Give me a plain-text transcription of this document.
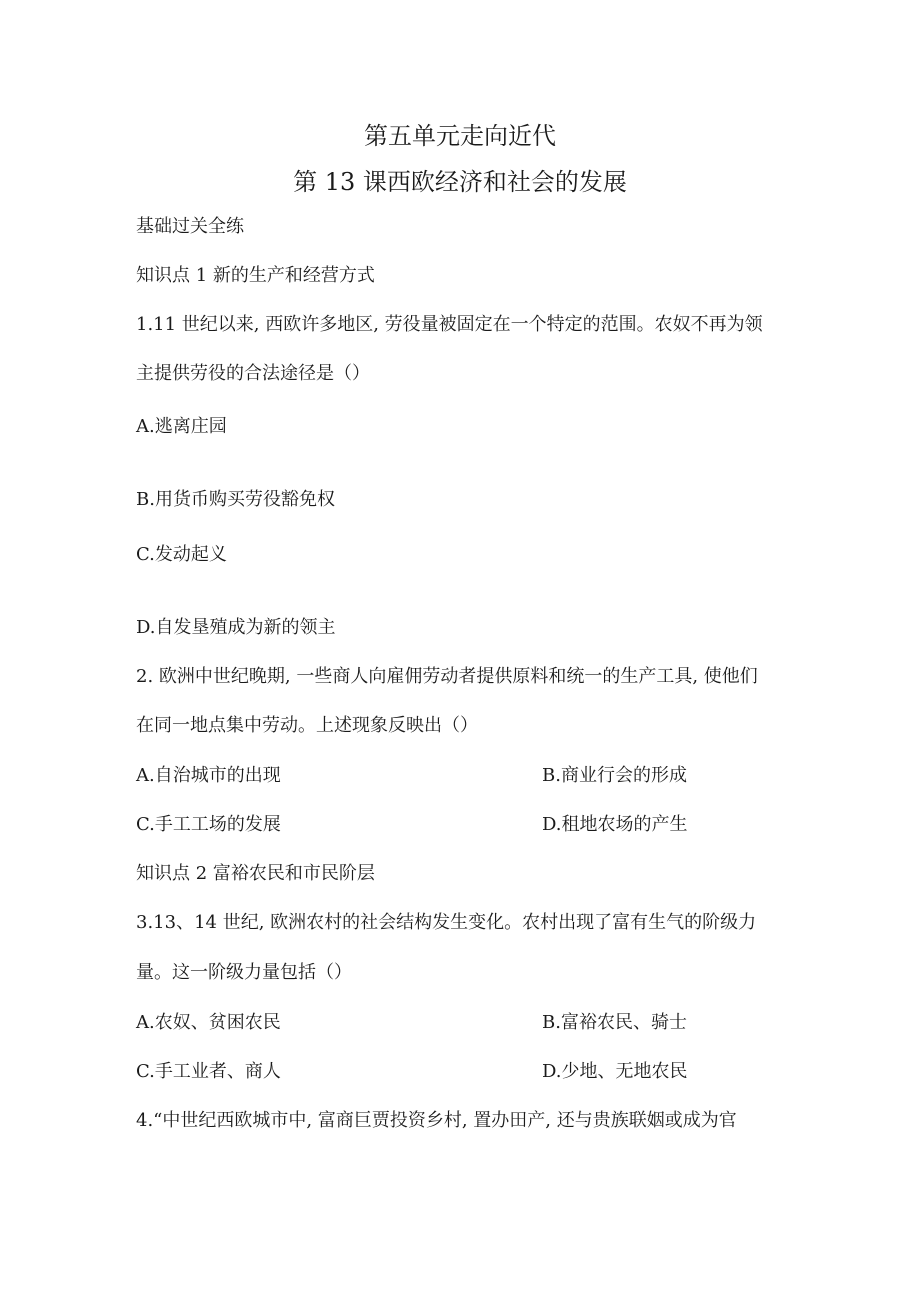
第五单元走向近代
第 13 课西欧经济和社会的发展
基础过关全练
知识点 1 新的生产和经营方式
1.11 世纪以来, 西欧许多地区, 劳役量被固定在一个特定的范围。农奴不再为领
主提供劳役的合法途径是（）
A.逃离庄园
B.用货币购买劳役豁免权
C.发动起义
D.自发垦殖成为新的领主
2. 欧洲中世纪晚期, 一些商人向雇佣劳动者提供原料和统一的生产工具, 使他们
在同一地点集中劳动。上述现象反映出（）
A.自治城市的出现	B.商业行会的形成
C.手工工场的发展	D.租地农场的产生
知识点 2 富裕农民和市民阶层
3.13、14 世纪, 欧洲农村的社会结构发生变化。农村出现了富有生气的阶级力
量。这一阶级力量包括（）
A.农奴、贫困农民	B.富裕农民、骑士
C.手工业者、商人	D.少地、无地农民
4.“中世纪西欧城市中, 富商巨贾投资乡村, 置办田产, 还与贵族联姻或成为官
